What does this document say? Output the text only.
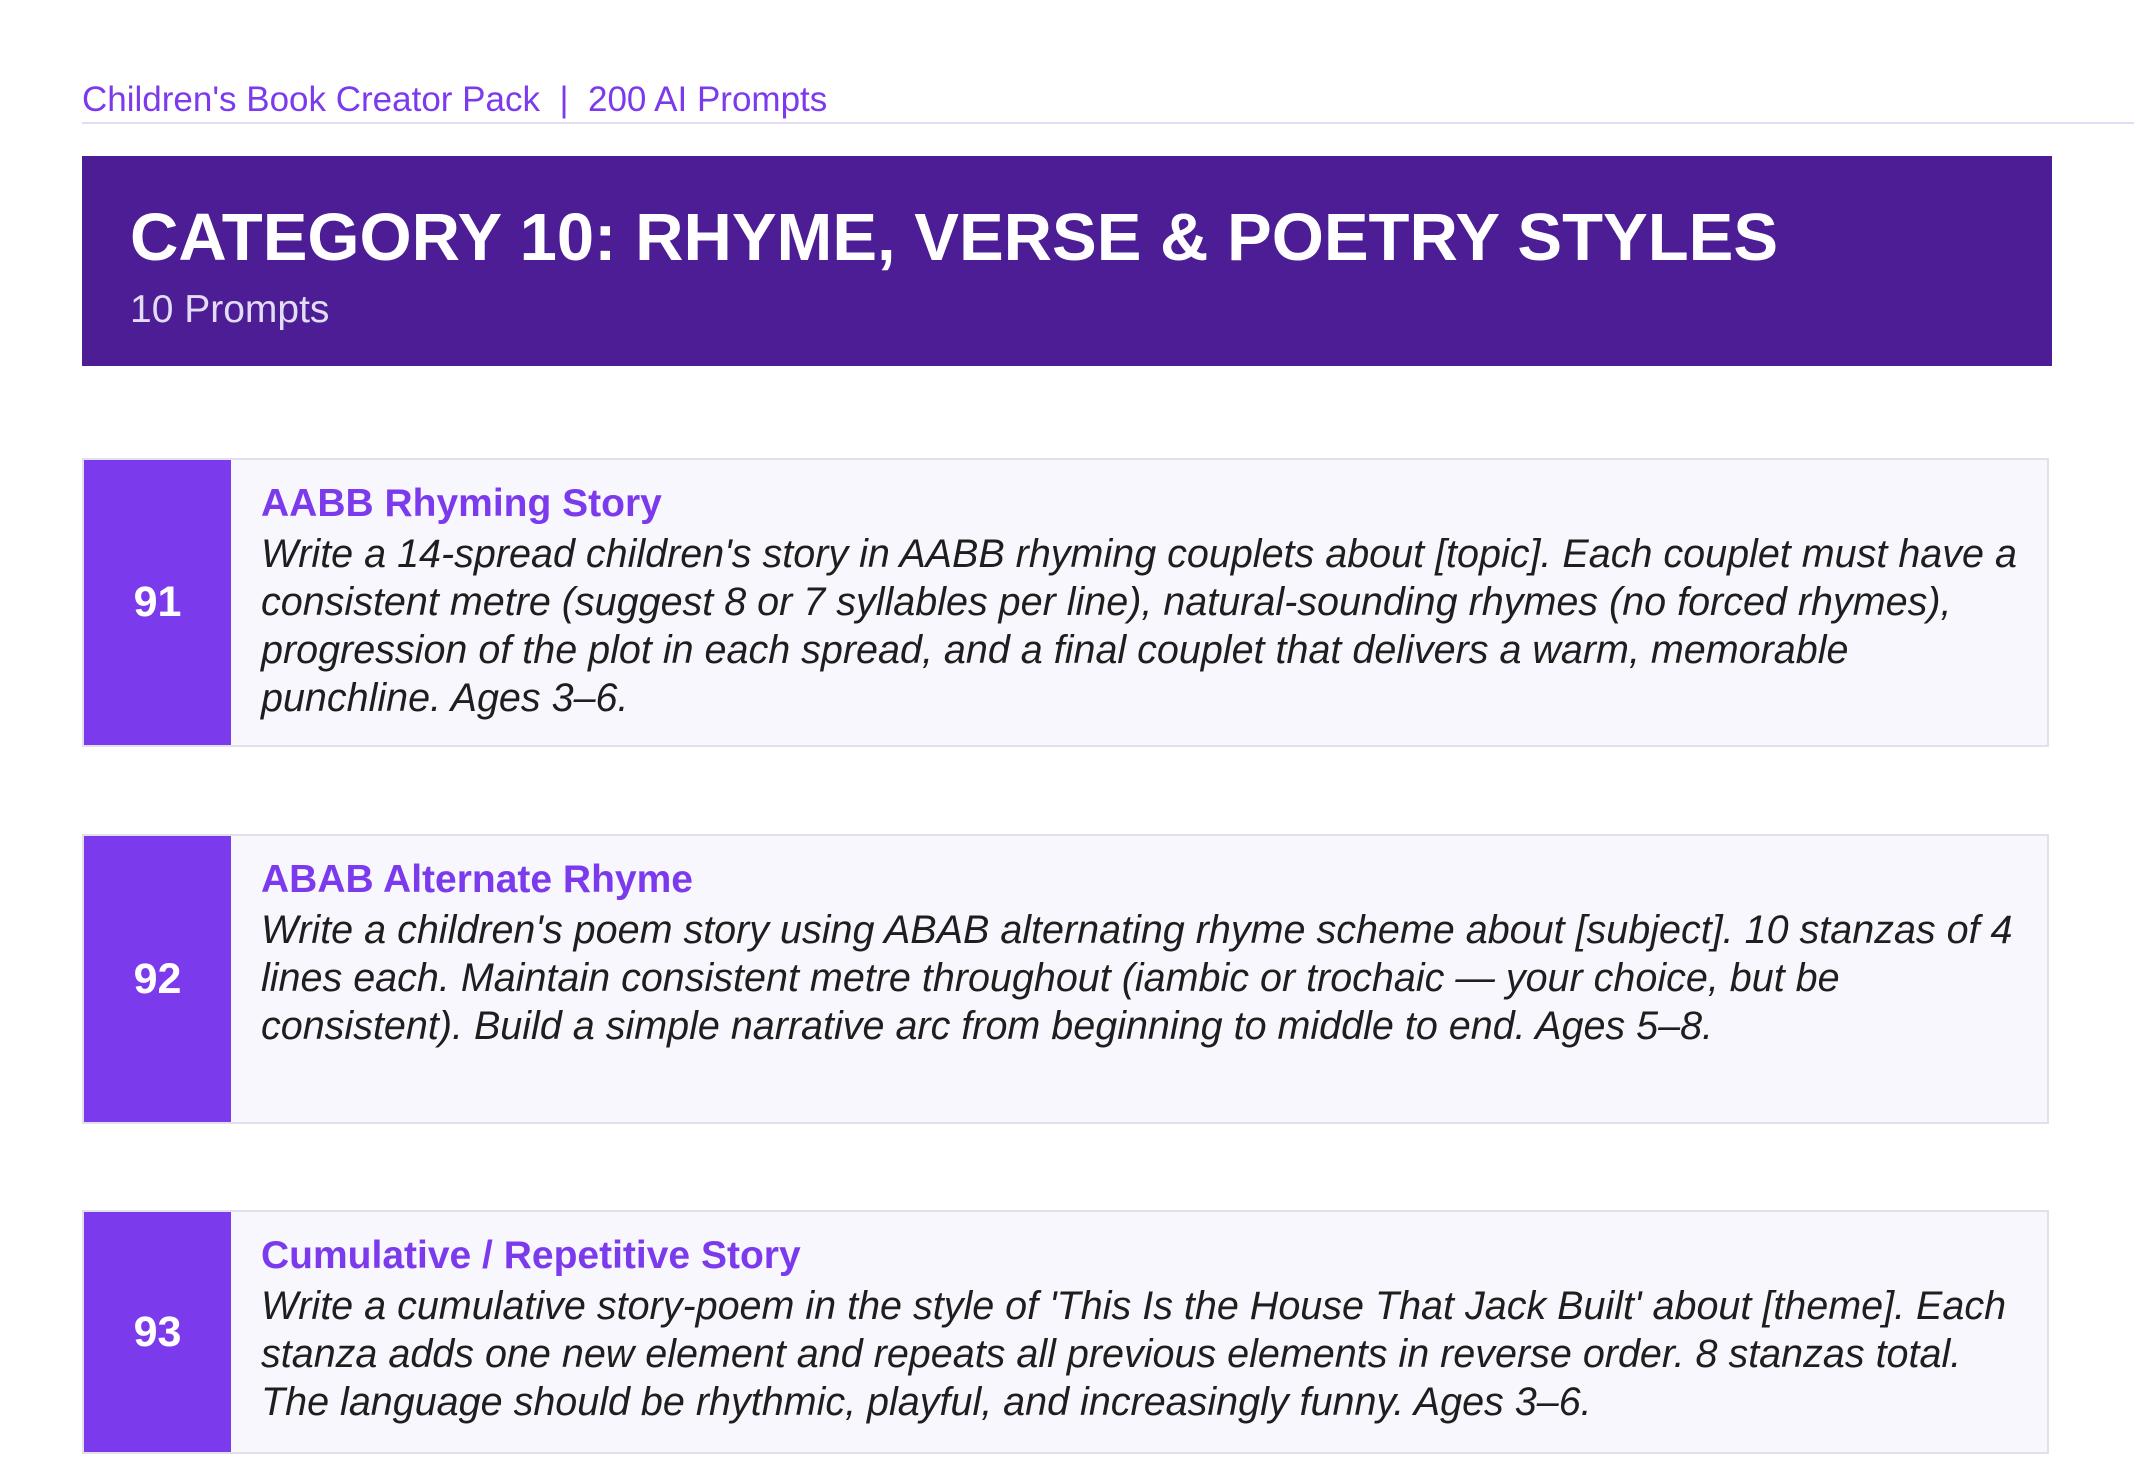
Children's Book Creator Pack  |  200 AI Prompts
CATEGORY 10: RHYME, VERSE & POETRY STYLES
10 Prompts
91
AABB Rhyming Story
Write a 14-spread children's story in AABB rhyming couplets about [topic]. Each couplet must have a consistent metre (suggest 8 or 7 syllables per line), natural-sounding rhymes (no forced rhymes), progression of the plot in each spread, and a final couplet that delivers a warm, memorable punchline. Ages 3–6.
92
ABAB Alternate Rhyme
Write a children's poem story using ABAB alternating rhyme scheme about [subject]. 10 stanzas of 4 lines each. Maintain consistent metre throughout (iambic or trochaic — your choice, but be consistent). Build a simple narrative arc from beginning to middle to end. Ages 5–8.
93
Cumulative / Repetitive Story
Write a cumulative story-poem in the style of 'This Is the House That Jack Built' about [theme]. Each stanza adds one new element and repeats all previous elements in reverse order. 8 stanzas total. The language should be rhythmic, playful, and increasingly funny. Ages 3–6.
